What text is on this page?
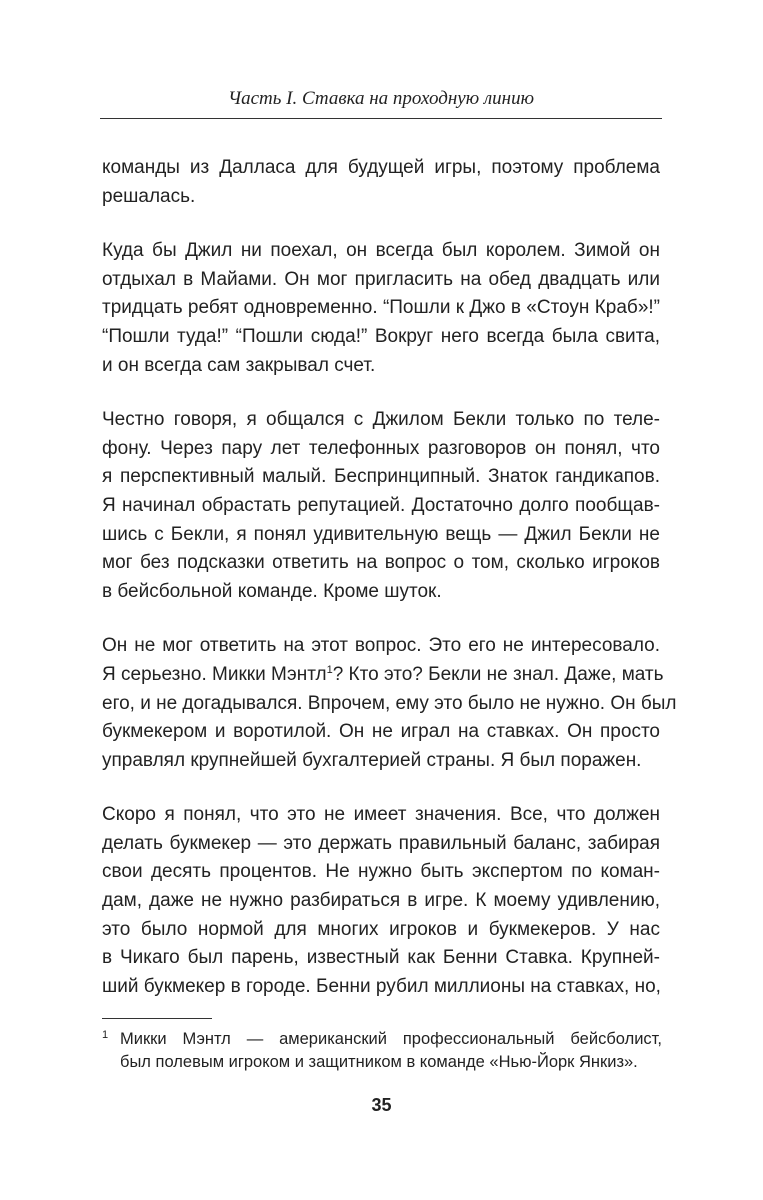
Часть I. Ставка на проходную линию

команды из Далласа для будущей игры, поэтому проблема
решалась.

Куда бы Джил ни поехал, он всегда был королем. Зимой он
отдыхал в Майами. Он мог пригласить на обед двадцать или
тридцать ребят одновременно. “Пошли к Джо в «Стоун Краб»!”
“Пошли туда!” “Пошли сюда!” Вокруг него всегда была свита,
и он всегда сам закрывал счет.

Честно говоря, я общался с Джилом Бекли только по теле-
фону. Через пару лет телефонных разговоров он понял, что
я перспективный малый. Беспринципный. Знаток гандикапов.
Я начинал обрастать репутацией. Достаточно долго пообщав-
шись с Бекли, я понял удивительную вещь — Джил Бекли не
мог без подсказки ответить на вопрос о том, сколько игроков
в бейсбольной команде. Кроме шуток.

Он не мог ответить на этот вопрос. Это его не интересовало.
Я серьезно. Микки Мэнтл$^1$? Кто это? Бекли не знал. Даже, мать
его, и не догадывался. Впрочем, ему это было не нужно. Он был
букмекером и воротилой. Он не играл на ставках. Он просто
управлял крупнейшей бухгалтерией страны. Я был поражен.

Скоро я понял, что это не имеет значения. Все, что должен
делать букмекер — это держать правильный баланс, забирая
свои десять процентов. Не нужно быть экспертом по коман-
дам, даже не нужно разбираться в игре. К моему удивлению,
это было нормой для многих игроков и букмекеров. У нас
в Чикаго был парень, известный как Бенни Ставка. Крупней-
ший букмекер в городе. Бенни рубил миллионы на ставках, но,

1 Микки Мэнтл — американский профессиональный бейсболист,
был полевым игроком и защитником в команде «Нью-Йорк Янкиз».
35
